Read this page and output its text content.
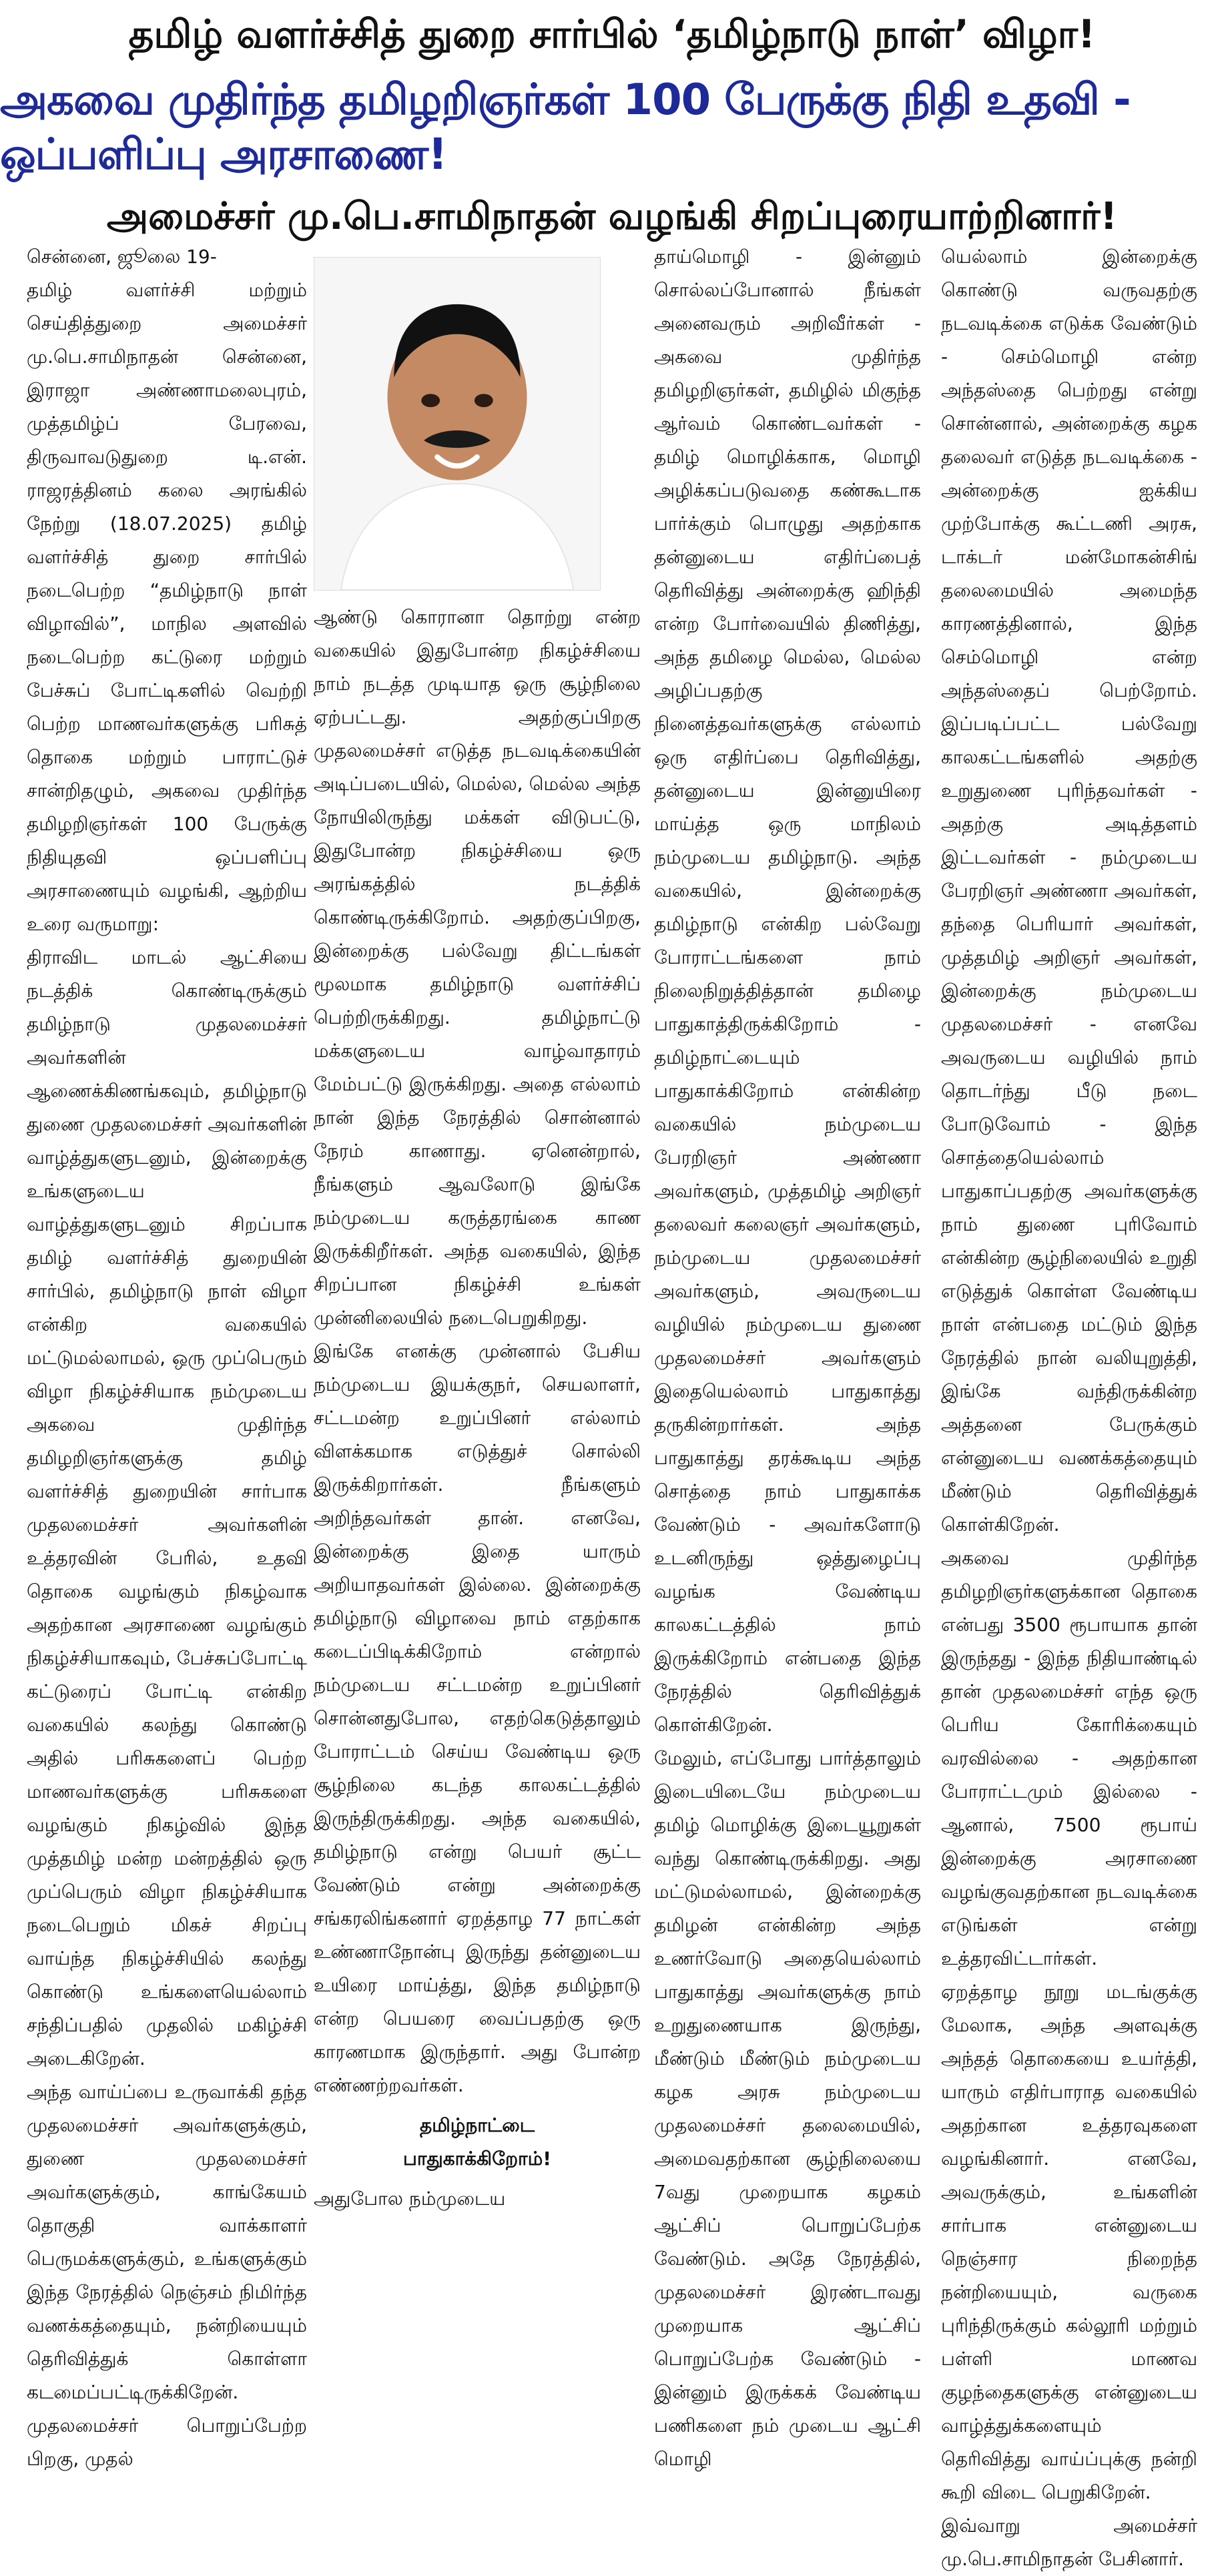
தமிழ் வளர்ச்சித் துறை சார்பில் ‘தமிழ்நாடு நாள்’ விழா!
அகவை முதிர்ந்த தமிழறிஞர்கள் 100 பேருக்கு நிதி உதவி - ஒப்பளிப்பு அரசாணை!
அமைச்சர் மு.பெ.சாமிநாதன் வழங்கி சிறப்புரையாற்றினார்!

சென்னை, ஜூலை 19-
தமிழ் வளர்ச்சி மற்றும் செய்தித்துறை அமைச்சர் மு.பெ.சாமிநாதன் சென்னை, இராஜா அண்ணாமலைபுரம், முத்தமிழ்ப் பேரவை, திருவாவடுதுறை டி.என். ராஜரத்தினம் கலை அரங்கில் நேற்று (18.07.2025) தமிழ் வளர்ச்சித் துறை சார்பில் நடைபெற்ற “தமிழ்நாடு நாள் விழாவில்”, மாநில அளவில் நடைபெற்ற கட்டுரை மற்றும் பேச்சுப் போட்டிகளில் வெற்றி பெற்ற மாணவர்களுக்கு பரிசுத் தொகை மற்றும் பாராட்டுச் சான்றிதழும், அகவை முதிர்ந்த தமிழறிஞர்கள் 100 பேருக்கு நிதியுதவி ஒப்பளிப்பு அரசாணையும் வழங்கி, ஆற்றிய உரை வருமாறு:

திராவிட மாடல் ஆட்சியை நடத்திக் கொண்டிருக்கும் தமிழ்நாடு முதலமைச்சர் அவர்களின் ஆணைக்கிணங்கவும், தமிழ்நாடு துணை முதலமைச்சர் அவர்களின் வாழ்த்துகளுடனும், இன்றைக்கு உங்களுடைய வாழ்த்துகளுடனும் சிறப்பாக தமிழ் வளர்ச்சித் துறையின் சார்பில், தமிழ்நாடு நாள் விழா என்கிற வகையில் மட்டுமல்லாமல், ஒரு முப்பெரும் விழா நிகழ்ச்சியாக நம்முடைய அகவை முதிர்ந்த தமிழறிஞர்களுக்கு தமிழ் வளர்ச்சித் துறையின் சார்பாக முதலமைச்சர் அவர்களின் உத்தரவின் பேரில், உதவி தொகை வழங்கும் நிகழ்வாக அதற்கான அரசாணை வழங்கும் நிகழ்ச்சியாகவும், பேச்சுப்போட்டி கட்டுரைப் போட்டி என்கிற வகையில் கலந்து கொண்டு அதில் பரிசுகளைப் பெற்ற மாணவர்களுக்கு பரிசுகளை வழங்கும் நிகழ்வில் இந்த முத்தமிழ் மன்ற மன்றத்தில் ஒரு முப்பெரும் விழா நிகழ்ச்சியாக நடைபெறும் மிகச் சிறப்பு வாய்ந்த நிகழ்ச்சியில் கலந்து கொண்டு உங்களையெல்லாம் சந்திப்பதில் முதலில் மகிழ்ச்சி அடைகிறேன்.

அந்த வாய்ப்பை உருவாக்கி தந்த முதலமைச்சர் அவர்களுக்கும், துணை முதலமைச்சர் அவர்களுக்கும், காங்கேயம் தொகுதி வாக்காளர் பெருமக்களுக்கும், உங்களுக்கும் இந்த நேரத்தில் நெஞ்சம் நிமிர்ந்த வணக்கத்தையும், நன்றியையும் தெரிவித்துக் கொள்ளா கடமைப்பட்டிருக்கிறேன்.

முதலமைச்சர் பொறுப்பேற்ற பிறகு, முதல்

ஆண்டு கொரானா தொற்று என்ற வகையில் இதுபோன்ற நிகழ்ச்சியை நாம் நடத்த முடியாத ஒரு சூழ்நிலை ஏற்பட்டது. அதற்குப்பிறகு முதலமைச்சர் எடுத்த நடவடிக்கையின் அடிப்படையில், மெல்ல, மெல்ல அந்த நோயிலிருந்து மக்கள் விடுபட்டு, இதுபோன்ற நிகழ்ச்சியை ஒரு அரங்கத்தில் நடத்திக் கொண்டிருக்கிறோம். அதற்குப்பிறகு, இன்றைக்கு பல்வேறு திட்டங்கள் மூலமாக தமிழ்நாடு வளர்ச்சிப் பெற்றிருக்கிறது. தமிழ்நாட்டு மக்களுடைய வாழ்வாதாரம் மேம்பட்டு இருக்கிறது. அதை எல்லாம் நான் இந்த நேரத்தில் சொன்னால் நேரம் காணாது. ஏனென்றால், நீங்களும் ஆவலோடு இங்கே நம்முடைய கருத்தரங்கை காண இருக்கிறீர்கள். அந்த வகையில், இந்த சிறப்பான நிகழ்ச்சி உங்கள் முன்னிலையில் நடைபெறுகிறது.

இங்கே எனக்கு முன்னால் பேசிய நம்முடைய இயக்குநர், செயலாளர், சட்டமன்ற உறுப்பினர் எல்லாம் விளக்கமாக எடுத்துச் சொல்லி இருக்கிறார்கள். நீங்களும் அறிந்தவர்கள் தான். எனவே, இன்றைக்கு இதை யாரும் அறியாதவர்கள் இல்லை. இன்றைக்கு தமிழ்நாடு விழாவை நாம் எதற்காக கடைப்பிடிக்கிறோம் என்றால் நம்முடைய சட்டமன்ற உறுப்பினர் சொன்னதுபோல, எதற்கெடுத்தாலும் போராட்டம் செய்ய வேண்டிய ஒரு சூழ்நிலை கடந்த காலகட்டத்தில் இருந்திருக்கிறது. அந்த வகையில், தமிழ்நாடு என்று பெயர் சூட்ட வேண்டும் என்று அன்றைக்கு சங்கரலிங்கனார் ஏறத்தாழ 77 நாட்கள் உண்ணாநோன்பு இருந்து தன்னுடைய உயிரை மாய்த்து, இந்த தமிழ்நாடு என்ற பெயரை வைப்பதற்கு ஒரு காரணமாக இருந்தார். அது போன்ற எண்ணற்றவர்கள்.

தமிழ்நாட்டை
பாதுகாக்கிறோம்!

அதுபோல நம்முடைய

தாய்மொழி - இன்னும் சொல்லப்போனால் நீங்கள் அனைவரும் அறிவீர்கள் - அகவை முதிர்ந்த தமிழறிஞர்கள், தமிழில் மிகுந்த ஆர்வம் கொண்டவர்கள் - தமிழ் மொழிக்காக, மொழி அழிக்கப்படுவதை கண்கூடாக பார்க்கும் பொழுது அதற்காக தன்னுடைய எதிர்ப்பைத் தெரிவித்து அன்றைக்கு ஹிந்தி என்ற போர்வையில் திணித்து, அந்த தமிழை மெல்ல, மெல்ல அழிப்பதற்கு நினைத்தவர்களுக்கு எல்லாம் ஒரு எதிர்ப்பை தெரிவித்து, தன்னுடைய இன்னுயிரை மாய்த்த ஒரு மாநிலம் நம்முடைய தமிழ்நாடு. அந்த வகையில், இன்றைக்கு தமிழ்நாடு என்கிற பல்வேறு போராட்டங்களை நாம் நிலைநிறுத்தித்தான் தமிழை பாதுகாத்திருக்கிறோம் - தமிழ்நாட்டையும் பாதுகாக்கிறோம் என்கின்ற வகையில் நம்முடைய பேரறிஞர் அண்ணா அவர்களும், முத்தமிழ் அறிஞர் தலைவர் கலைஞர் அவர்களும், நம்முடைய முதலமைச்சர் அவர்களும், அவருடைய வழியில் நம்முடைய துணை முதலமைச்சர் அவர்களும் இதையெல்லாம் பாதுகாத்து தருகின்றார்கள். அந்த பாதுகாத்து தரக்கூடிய அந்த சொத்தை நாம் பாதுகாக்க வேண்டும் - அவர்களோடு உடனிருந்து ஒத்துழைப்பு வழங்க வேண்டிய காலகட்டத்தில் நாம் இருக்கிறோம் என்பதை இந்த நேரத்தில் தெரிவித்துக் கொள்கிறேன்.

மேலும், எப்போது பார்த்தாலும் இடையிடையே நம்முடைய தமிழ் மொழிக்கு இடையூறுகள் வந்து கொண்டிருக்கிறது. அது மட்டுமல்லாமல், இன்றைக்கு தமிழன் என்கின்ற அந்த உணர்வோடு அதையெல்லாம் பாதுகாத்து அவர்களுக்கு நாம் உறுதுணையாக இருந்து, மீண்டும் மீண்டும் நம்முடைய கழக அரசு நம்முடைய முதலமைச்சர் தலைமையில், அமைவதற்கான சூழ்நிலையை 7வது முறையாக கழகம் ஆட்சிப் பொறுப்பேற்க வேண்டும். அதே நேரத்தில், முதலமைச்சர் இரண்டாவது முறையாக ஆட்சிப் பொறுப்பேற்க வேண்டும் - இன்னும் இருக்கக் வேண்டிய பணிகளை நம் முடைய ஆட்சி மொழி

யெல்லாம் இன்றைக்கு கொண்டு வருவதற்கு நடவடிக்கை எடுக்க வேண்டும் - செம்மொழி என்ற அந்தஸ்தை பெற்றது என்று சொன்னால், அன்றைக்கு கழக தலைவர் எடுத்த நடவடிக்கை - அன்றைக்கு ஐக்கிய முற்போக்கு கூட்டணி அரசு, டாக்டர் மன்மோகன்சிங் தலைமையில் அமைந்த காரணத்தினால், இந்த செம்மொழி என்ற அந்தஸ்தைப் பெற்றோம். இப்படிப்பட்ட பல்வேறு காலகட்டங்களில் அதற்கு உறுதுணை புரிந்தவர்கள் - அதற்கு அடித்தளம் இட்டவர்கள் - நம்முடைய பேரறிஞர் அண்ணா அவர்கள், தந்தை பெரியார் அவர்கள், முத்தமிழ் அறிஞர் அவர்கள், இன்றைக்கு நம்முடைய முதலமைச்சர் - எனவே அவருடைய வழியில் நாம் தொடர்ந்து பீடு நடை போடுவோம் - இந்த சொத்தையெல்லாம் பாதுகாப்பதற்கு அவர்களுக்கு நாம் துணை புரிவோம் என்கின்ற சூழ்நிலையில் உறுதி எடுத்துக் கொள்ள வேண்டிய நாள் என்பதை மட்டும் இந்த நேரத்தில் நான் வலியுறுத்தி, இங்கே வந்திருக்கின்ற அத்தனை பேருக்கும் என்னுடைய வணக்கத்தையும் மீண்டும் தெரிவித்துக் கொள்கிறேன்.

அகவை முதிர்ந்த தமிழறிஞர்களுக்கான தொகை என்பது 3500 ரூபாயாக தான் இருந்தது - இந்த நிதியாண்டில் தான் முதலமைச்சர் எந்த ஒரு பெரிய கோரிக்கையும் வரவில்லை - அதற்கான போராட்டமும் இல்லை - ஆனால், 7500 ரூபாய் இன்றைக்கு அரசாணை வழங்குவதற்கான நடவடிக்கை எடுங்கள் என்று உத்தரவிட்டார்கள்.

ஏறத்தாழ நூறு மடங்குக்கு மேலாக, அந்த அளவுக்கு அந்தத் தொகையை உயர்த்தி, யாரும் எதிர்பாராத வகையில் அதற்கான உத்தரவுகளை வழங்கினார். எனவே, அவருக்கும், உங்களின் சார்பாக என்னுடைய நெஞ்சார நிறைந்த நன்றியையும், வருகை புரிந்திருக்கும் கல்லூரி மற்றும் பள்ளி மாணவ குழந்தைகளுக்கு என்னுடைய வாழ்த்துக்களையும் தெரிவித்து வாய்ப்புக்கு நன்றி கூறி விடை பெறுகிறேன்.

இவ்வாறு அமைச்சர் மு.பெ.சாமிநாதன் பேசினார்.
